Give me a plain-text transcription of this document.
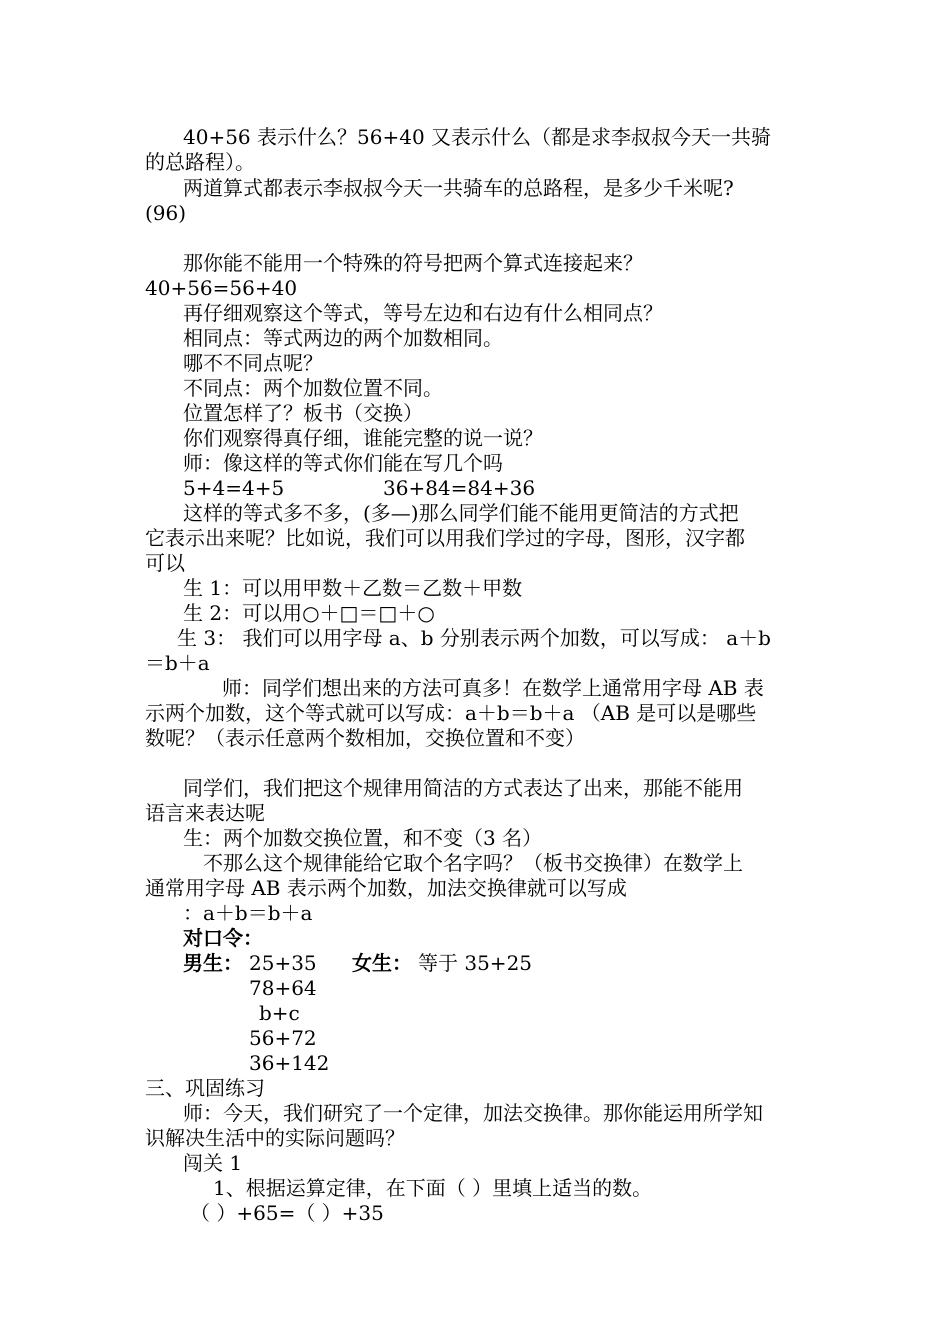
40+56 表示什么？56+40 又表示什么（都是求李叔叔今天一共骑
的总路程）。
两道算式都表示李叔叔今天一共骑车的总路程，是多少千米呢?
(96)
那你能不能用一个特殊的符号把两个算式连接起来？
40+56=56+40
再仔细观察这个等式，等号左边和右边有什么相同点？
相同点：等式两边的两个加数相同。
哪不不同点呢？
不同点：两个加数位置不同。
位置怎样了？板书（交换）
你们观察得真仔细，谁能完整的说一说？
师：像这样的等式你们能在写几个吗
5+4=4+5	36+84=84+36
这样的等式多不多，(多—)那么同学们能不能用更简洁的方式把
它表示出来呢？比如说，我们可以用我们学过的字母，图形，汉字都
可以
生 1：可以用甲数＋乙数＝乙数＋甲数
生 2：可以用○＋□＝□＋○
生 3： 我们可以用字母 a、b 分别表示两个加数，可以写成： a＋b
＝b＋a
师：同学们想出来的方法可真多！在数学上通常用字母 AB 表
示两个加数，这个等式就可以写成：a＋b＝b＋a （AB 是可以是哪些
数呢？（表示任意两个数相加，交换位置和不变）
同学们，我们把这个规律用简洁的方式表达了出来，那能不能用
语言来表达呢
生：两个加数交换位置，和不变（3 名）
不那么这个规律能给它取个名字吗？（板书交换律）在数学上
通常用字母 AB 表示两个加数，加法交换律就可以写成
：a＋b＝b＋a
对口令：
男生： 25+35 女生： 等于 35+25
78+64
b+c
56+72
36+142
三、巩固练习
师：今天，我们研究了一个定律，加法交换律。那你能运用所学知
识解决生活中的实际问题吗？
闯关 1
1、根据运算定律，在下面（ ）里填上适当的数。
（ ）+65=（ ）+35
